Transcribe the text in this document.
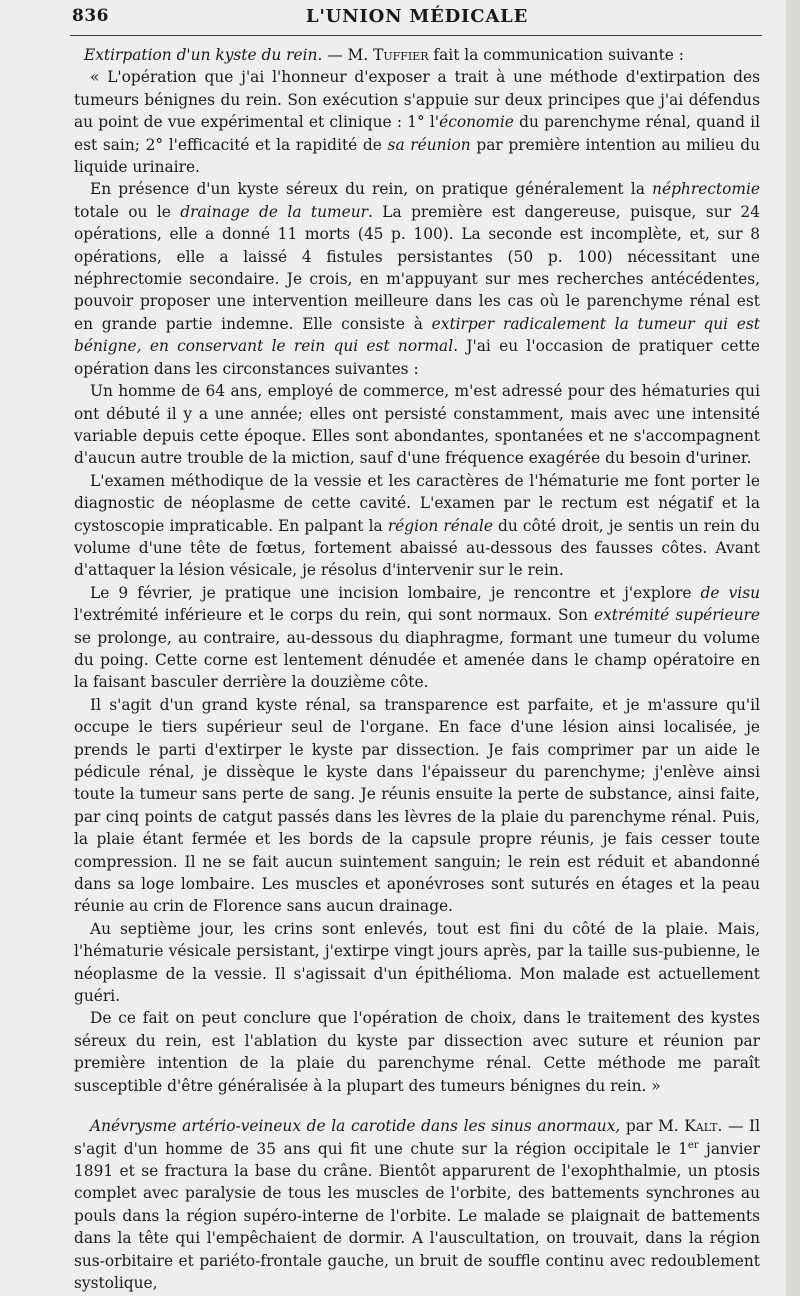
836	L'UNION MÉDICALE

Extirpation d'un kyste du rein. — M. Tuffier fait la communication suivante :

« L'opération que j'ai l'honneur d'exposer a trait à une méthode d'extirpation des tumeurs bénignes du rein. Son exécution s'appuie sur deux principes que j'ai défendus au point de vue expérimental et clinique : 1° l'économie du parenchyme rénal, quand il est sain; 2° l'efficacité et la rapidité de sa réunion par première intention au milieu du liquide urinaire.

En présence d'un kyste séreux du rein, on pratique généralement la néphrectomie totale ou le drainage de la tumeur. La première est dangereuse, puisque, sur 24 opérations, elle a donné 11 morts (45 p. 100). La seconde est incomplète, et, sur 8 opérations, elle a laissé 4 fistules persistantes (50 p. 100) nécessitant une néphrectomie secondaire. Je crois, en m'appuyant sur mes recherches antécédentes, pouvoir proposer une intervention meilleure dans les cas où le parenchyme rénal est en grande partie indemne. Elle consiste à extirper radicalement la tumeur qui est bénigne, en conservant le rein qui est normal. J'ai eu l'occasion de pratiquer cette opération dans les circonstances suivantes :

Un homme de 64 ans, employé de commerce, m'est adressé pour des hématuries qui ont débuté il y a une année; elles ont persisté constamment, mais avec une intensité variable depuis cette époque. Elles sont abondantes, spontanées et ne s'accompagnent d'aucun autre trouble de la miction, sauf d'une fréquence exagérée du besoin d'uriner.

L'examen méthodique de la vessie et les caractères de l'hématurie me font porter le diagnostic de néoplasme de cette cavité. L'examen par le rectum est négatif et la cystoscopie impraticable. En palpant la région rénale du côté droit, je sentis un rein du volume d'une tête de fœtus, fortement abaissé au-dessous des fausses côtes. Avant d'attaquer la lésion vésicale, je résolus d'intervenir sur le rein.

Le 9 février, je pratique une incision lombaire, je rencontre et j'explore de visu l'extrémité inférieure et le corps du rein, qui sont normaux. Son extrémité supérieure se prolonge, au contraire, au-dessous du diaphragme, formant une tumeur du volume du poing. Cette corne est lentement dénudée et amenée dans le champ opératoire en la faisant basculer derrière la douzième côte.

Il s'agit d'un grand kyste rénal, sa transparence est parfaite, et je m'assure qu'il occupe le tiers supérieur seul de l'organe. En face d'une lésion ainsi localisée, je prends le parti d'extirper le kyste par dissection. Je fais comprimer par un aide le pédicule rénal, je dissèque le kyste dans l'épaisseur du parenchyme; j'enlève ainsi toute la tumeur sans perte de sang. Je réunis ensuite la perte de substance, ainsi faite, par cinq points de catgut passés dans les lèvres de la plaie du parenchyme rénal. Puis, la plaie étant fermée et les bords de la capsule propre réunis, je fais cesser toute compression. Il ne se fait aucun suintement sanguin; le rein est réduit et abandonné dans sa loge lombaire. Les muscles et aponévroses sont suturés en étages et la peau réunie au crin de Florence sans aucun drainage.

Au septième jour, les crins sont enlevés, tout est fini du côté de la plaie. Mais, l'hématurie vésicale persistant, j'extirpe vingt jours après, par la taille sus-pubienne, le néoplasme de la vessie. Il s'agissait d'un épithélioma. Mon malade est actuellement guéri.

De ce fait on peut conclure que l'opération de choix, dans le traitement des kystes séreux du rein, est l'ablation du kyste par dissection avec suture et réunion par première intention de la plaie du parenchyme rénal. Cette méthode me paraît susceptible d'être généralisée à la plupart des tumeurs bénignes du rein. »

Anévrysme artério-veineux de la carotide dans les sinus anormaux, par M. Kalt. — Il s'agit d'un homme de 35 ans qui fit une chute sur la région occipitale le 1er janvier 1891 et se fractura la base du crâne. Bientôt apparurent de l'exophthalmie, un ptosis complet avec paralysie de tous les muscles de l'orbite, des battements synchrones au pouls dans la région supéro-interne de l'orbite. Le malade se plaignait de battements dans la tête qui l'empêchaient de dormir. A l'auscultation, on trouvait, dans la région sus-orbitaire et pariéto-frontale gauche, un bruit de souffle continu avec redoublement systolique,
